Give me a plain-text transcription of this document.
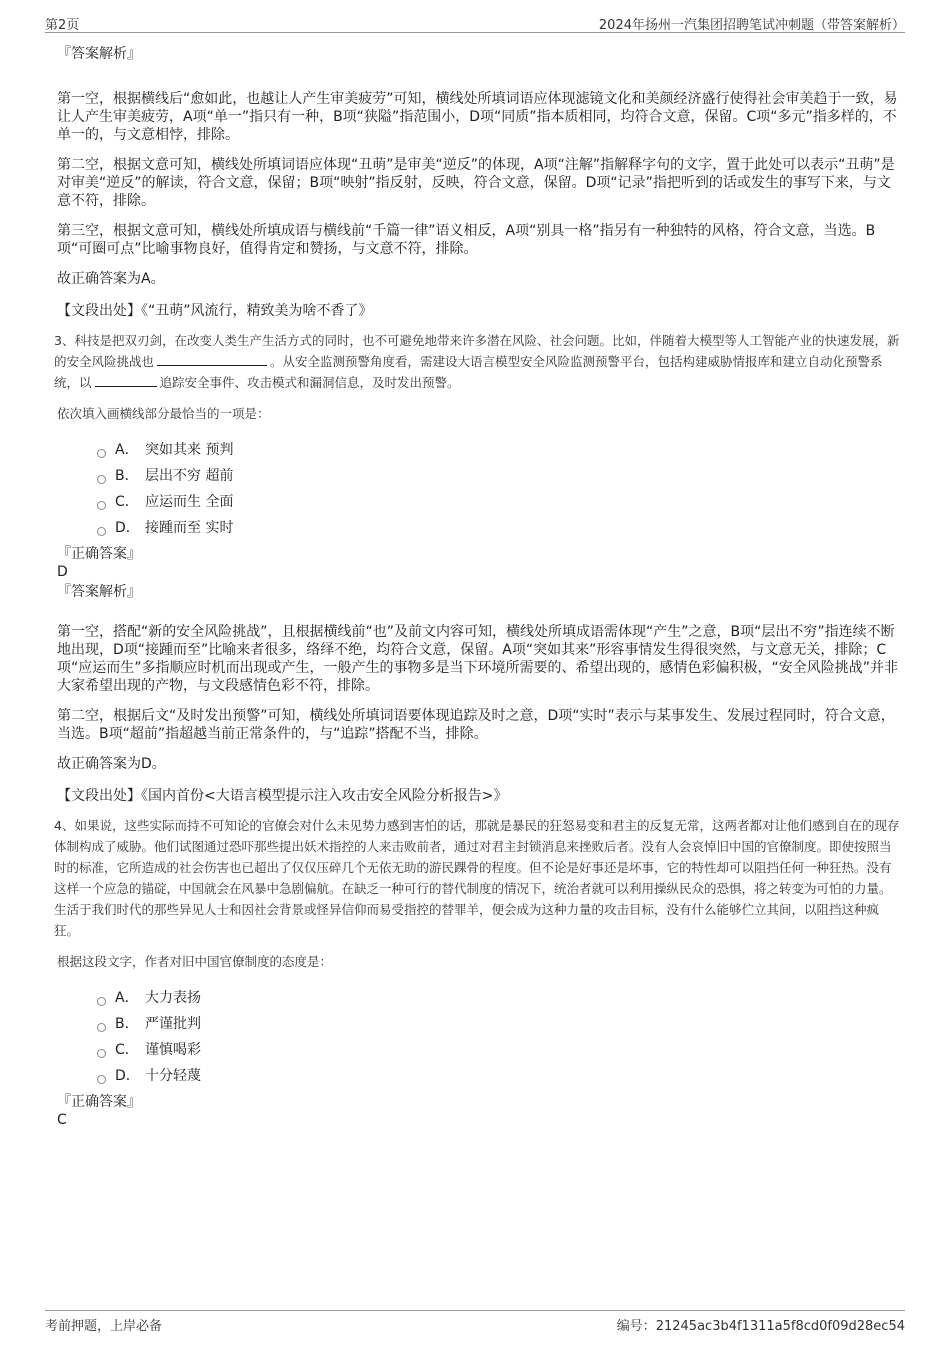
第2页	2024年扬州一汽集团招聘笔试冲刺题（带答案解析）
『答案解析』

第一空，根据横线后“愈如此，也越让人产生审美疲劳”可知，横线处所填词语应体现滤镜文化和美颜经济盛行使得社会审美趋于一致，易让人产生审美疲劳，A项“单一”指只有一种，B项“狭隘”指范围小，D项“同质”指本质相同，均符合文意，保留。C项“多元”指多样的，不单一的，与文意相悖，排除。

第二空，根据文意可知，横线处所填词语应体现“丑萌”是审美“逆反”的体现，A项“注解”指解释字句的文字，置于此处可以表示“丑萌”是对审美“逆反”的解读，符合文意，保留；B项“映射”指反射，反映，符合文意，保留。D项“记录”指把听到的话或发生的事写下来，与文意不符，排除。

第三空，根据文意可知，横线处所填成语与横线前“千篇一律”语义相反，A项“别具一格”指另有一种独特的风格，符合文意，当选。B项“可圈可点”比喻事物良好，值得肯定和赞扬，与文意不符，排除。

故正确答案为A。

【文段出处】《“丑萌”风流行，精致美为啥不香了》

3、科技是把双刃剑，在改变人类生产生活方式的同时，也不可避免地带来许多潜在风险、社会问题。比如，伴随着大模型等人工智能产业的快速发展，新的安全风险挑战也	。从安全监测预警角度看，需建设大语言模型安全风险监测预警平台，包括构建威胁情报库和建立自动化预警系统，以	追踪安全事件、攻击模式和漏洞信息，及时发出预警。

依次填入画横线部分最恰当的一项是：

A． 突如其来 预判
B． 层出不穷 超前
C． 应运而生 全面
D． 接踵而至 实时
『正确答案』
D
『答案解析』

第一空，搭配“新的安全风险挑战”，且根据横线前“也”及前文内容可知，横线处所填成语需体现“产生”之意，B项“层出不穷”指连续不断地出现，D项“接踵而至”比喻来者很多，络绎不绝，均符合文意，保留。A项“突如其来”形容事情发生得很突然，与文意无关，排除；C项“应运而生”多指顺应时机而出现或产生，一般产生的事物多是当下环境所需要的、希望出现的，感情色彩偏积极，“安全风险挑战”并非大家希望出现的产物，与文段感情色彩不符，排除。

第二空，根据后文“及时发出预警”可知，横线处所填词语要体现追踪及时之意，D项“实时”表示与某事发生、发展过程同时，符合文意，当选。B项“超前”指超越当前正常条件的，与“追踪”搭配不当，排除。

故正确答案为D。

【文段出处】《国内首份<大语言模型提示注入攻击安全风险分析报告>》

4、如果说，这些实际而持不可知论的官僚会对什么未见势力感到害怕的话，那就是暴民的狂怒易变和君主的反复无常，这两者都对让他们感到自在的现存体制构成了威胁。他们试图通过恐吓那些提出妖术指控的人来击败前者，通过对君主封锁消息来挫败后者。没有人会哀悼旧中国的官僚制度。即使按照当时的标准，它所造成的社会伤害也已超出了仅仅压碎几个无依无助的游民踝骨的程度。但不论是好事还是坏事，它的特性却可以阻挡任何一种狂热。没有这样一个应急的锚碇，中国就会在风暴中急剧偏航。在缺乏一种可行的替代制度的情况下，统治者就可以利用操纵民众的恐惧，将之转变为可怕的力量。生活于我们时代的那些异见人士和因社会背景或怪异信仰而易受指控的替罪羊，便会成为这种力量的攻击目标，没有什么能够伫立其间，以阻挡这种疯狂。

根据这段文字，作者对旧中国官僚制度的态度是：

A． 大力表扬
B． 严谨批判
C． 谨慎喝彩
D． 十分轻蔑
『正确答案』
C
考前押题，上岸必备	编号：21245ac3b4f1311a5f8cd0f09d28ec54
